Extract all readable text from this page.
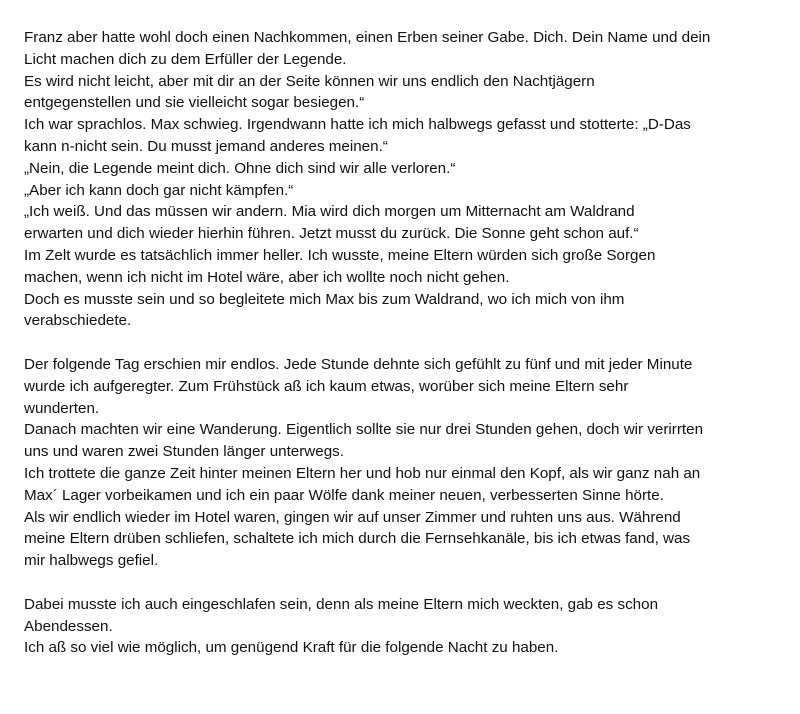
Franz aber hatte wohl doch einen Nachkommen, einen Erben seiner Gabe. Dich. Dein Name und dein
Licht machen dich zu dem Erfüller der Legende.
Es wird nicht leicht, aber mit dir an der Seite können wir uns endlich den Nachtjägern
entgegenstellen und sie vielleicht sogar besiegen.“
Ich war sprachlos. Max schwieg. Irgendwann hatte ich mich halbwegs gefasst und stotterte: „D-Das
kann n-nicht sein. Du musst jemand anderes meinen.“
„Nein, die Legende meint dich. Ohne dich sind wir alle verloren.“
„Aber ich kann doch gar nicht kämpfen.“
„Ich weiß. Und das müssen wir andern. Mia wird dich morgen um Mitternacht am Waldrand
erwarten und dich wieder hierhin führen. Jetzt musst du zurück. Die Sonne geht schon auf.“
Im Zelt wurde es tatsächlich immer heller. Ich wusste, meine Eltern würden sich große Sorgen
machen, wenn ich nicht im Hotel wäre, aber ich wollte noch nicht gehen.
Doch es musste sein und so begleitete mich Max bis zum Waldrand, wo ich mich von ihm
verabschiedete.
Der folgende Tag erschien mir endlos. Jede Stunde dehnte sich gefühlt zu fünf und mit jeder Minute
wurde ich aufgeregter. Zum Frühstück aß ich kaum etwas, worüber sich meine Eltern sehr
wunderten.
Danach machten wir eine Wanderung. Eigentlich sollte sie nur drei Stunden gehen, doch wir verirrten
uns und waren zwei Stunden länger unterwegs.
Ich trottete die ganze Zeit hinter meinen Eltern her und hob nur einmal den Kopf, als wir ganz nah an
Max´ Lager vorbeikamen und ich ein paar Wölfe dank meiner neuen, verbesserten Sinne hörte.
Als wir endlich wieder im Hotel waren, gingen wir auf unser Zimmer und ruhten uns aus. Während
meine Eltern drüben schliefen, schaltete ich mich durch die Fernsehkanäle, bis ich etwas fand, was
mir halbwegs gefiel.
Dabei musste ich auch eingeschlafen sein, denn als meine Eltern mich weckten, gab es schon
Abendessen.
Ich aß so viel wie möglich, um genügend Kraft für die folgende Nacht zu haben.
